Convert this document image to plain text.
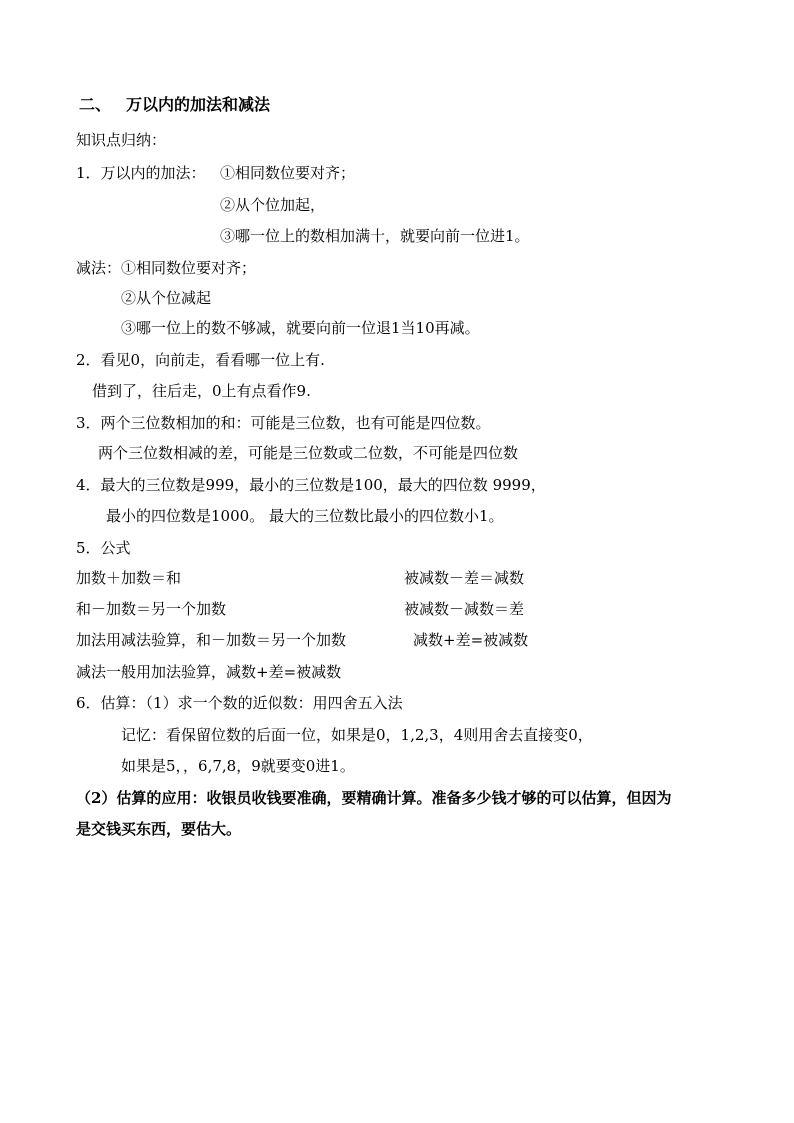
二、 万以内的加法和减法
知识点归纳：
1．万以内的加法： ①相同数位要对齐；
②从个位加起，
③哪一位上的数相加满十，就要向前一位进1。
减法： ①相同数位要对齐；
②从个位减起
③哪一位上的数不够减，就要向前一位退1当10再减。
2．看见0，向前走，看看哪一位上有.
借到了，往后走，0上有点看作9.
3．两个三位数相加的和：可能是三位数，也有可能是四位数。
两个三位数相减的差，可能是三位数或二位数，不可能是四位数
4．最大的三位数是999，最小的三位数是100，最大的四位数 9999，
最小的四位数是1000。 最大的三位数比最小的四位数小1。
5．公式
加数＋加数＝和	被减数－差＝减数
和－加数＝另一个加数	被减数－减数＝差
加法用减法验算，和－加数＝另一个加数	减数+差=被减数
减法一般用加法验算，减数+差=被减数
6．估算：（1）求一个数的近似数：用四舍五入法
记忆：看保留位数的后面一位，如果是0，1,2,3，4则用舍去直接变0，
如果是5，，6,7,8，9就要变0进1。
（2）估算的应用：收银员收钱要准确，要精确计算。准备多少钱才够的可以估算，但因为
是交钱买东西，要估大。
